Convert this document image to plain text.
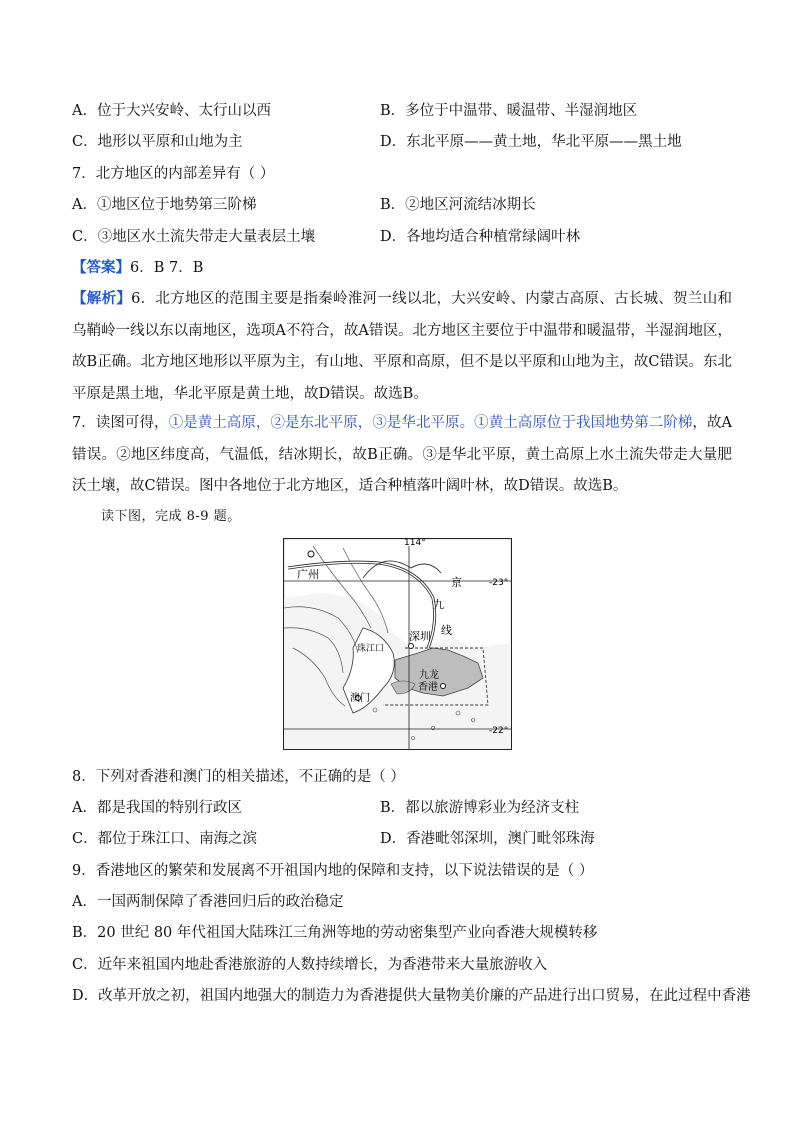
A．位于大兴安岭、太行山以西	B．多位于中温带、暖温带、半湿润地区
C．地形以平原和山地为主	D．东北平原——黄土地，华北平原——黑土地
7．北方地区的内部差异有（ ）
A．①地区位于地势第三阶梯	B．②地区河流结冰期长
C．③地区水土流失带走大量表层土壤	D．各地均适合种植常绿阔叶林
【答案】6．B 7．B
【解析】6．北方地区的范围主要是指秦岭淮河一线以北，大兴安岭、内蒙古高原、古长城、贺兰山和乌鞘岭一线以东以南地区，选项A不符合，故A错误。北方地区主要位于中温带和暖温带，半湿润地区，故B正确。北方地区地形以平原为主，有山地、平原和高原，但不是以平原和山地为主，故C错误。东北平原是黑土地，华北平原是黄土地，故D错误。故选B。
7．读图可得，①是黄土高原，②是东北平原，③是华北平原。①黄土高原位于我国地势第二阶梯，故A错误。②地区纬度高，气温低，结冰期长，故B正确。③是华北平原，黄土高原上水土流失带走大量肥沃土壤，故C错误。图中各地位于北方地区，适合种植落叶阔叶林，故D错误。故选B。
读下图，完成 8-9 题。
114°
-23°
-22°
广州
京
九
线
深圳
珠江口
九龙
香港
澳门
8．下列对香港和澳门的相关描述，不正确的是（ ）
A．都是我国的特别行政区	B．都以旅游博彩业为经济支柱
C．都位于珠江口、南海之滨	D．香港毗邻深圳，澳门毗邻珠海
9．香港地区的繁荣和发展离不开祖国内地的保障和支持，以下说法错误的是（ ）
A．一国两制保障了香港回归后的政治稳定
B．20 世纪 80 年代祖国大陆珠江三角洲等地的劳动密集型产业向香港大规模转移
C．近年来祖国内地赴香港旅游的人数持续增长，为香港带来大量旅游收入
D．改革开放之初，祖国内地强大的制造力为香港提供大量物美价廉的产品进行出口贸易，在此过程中香港
